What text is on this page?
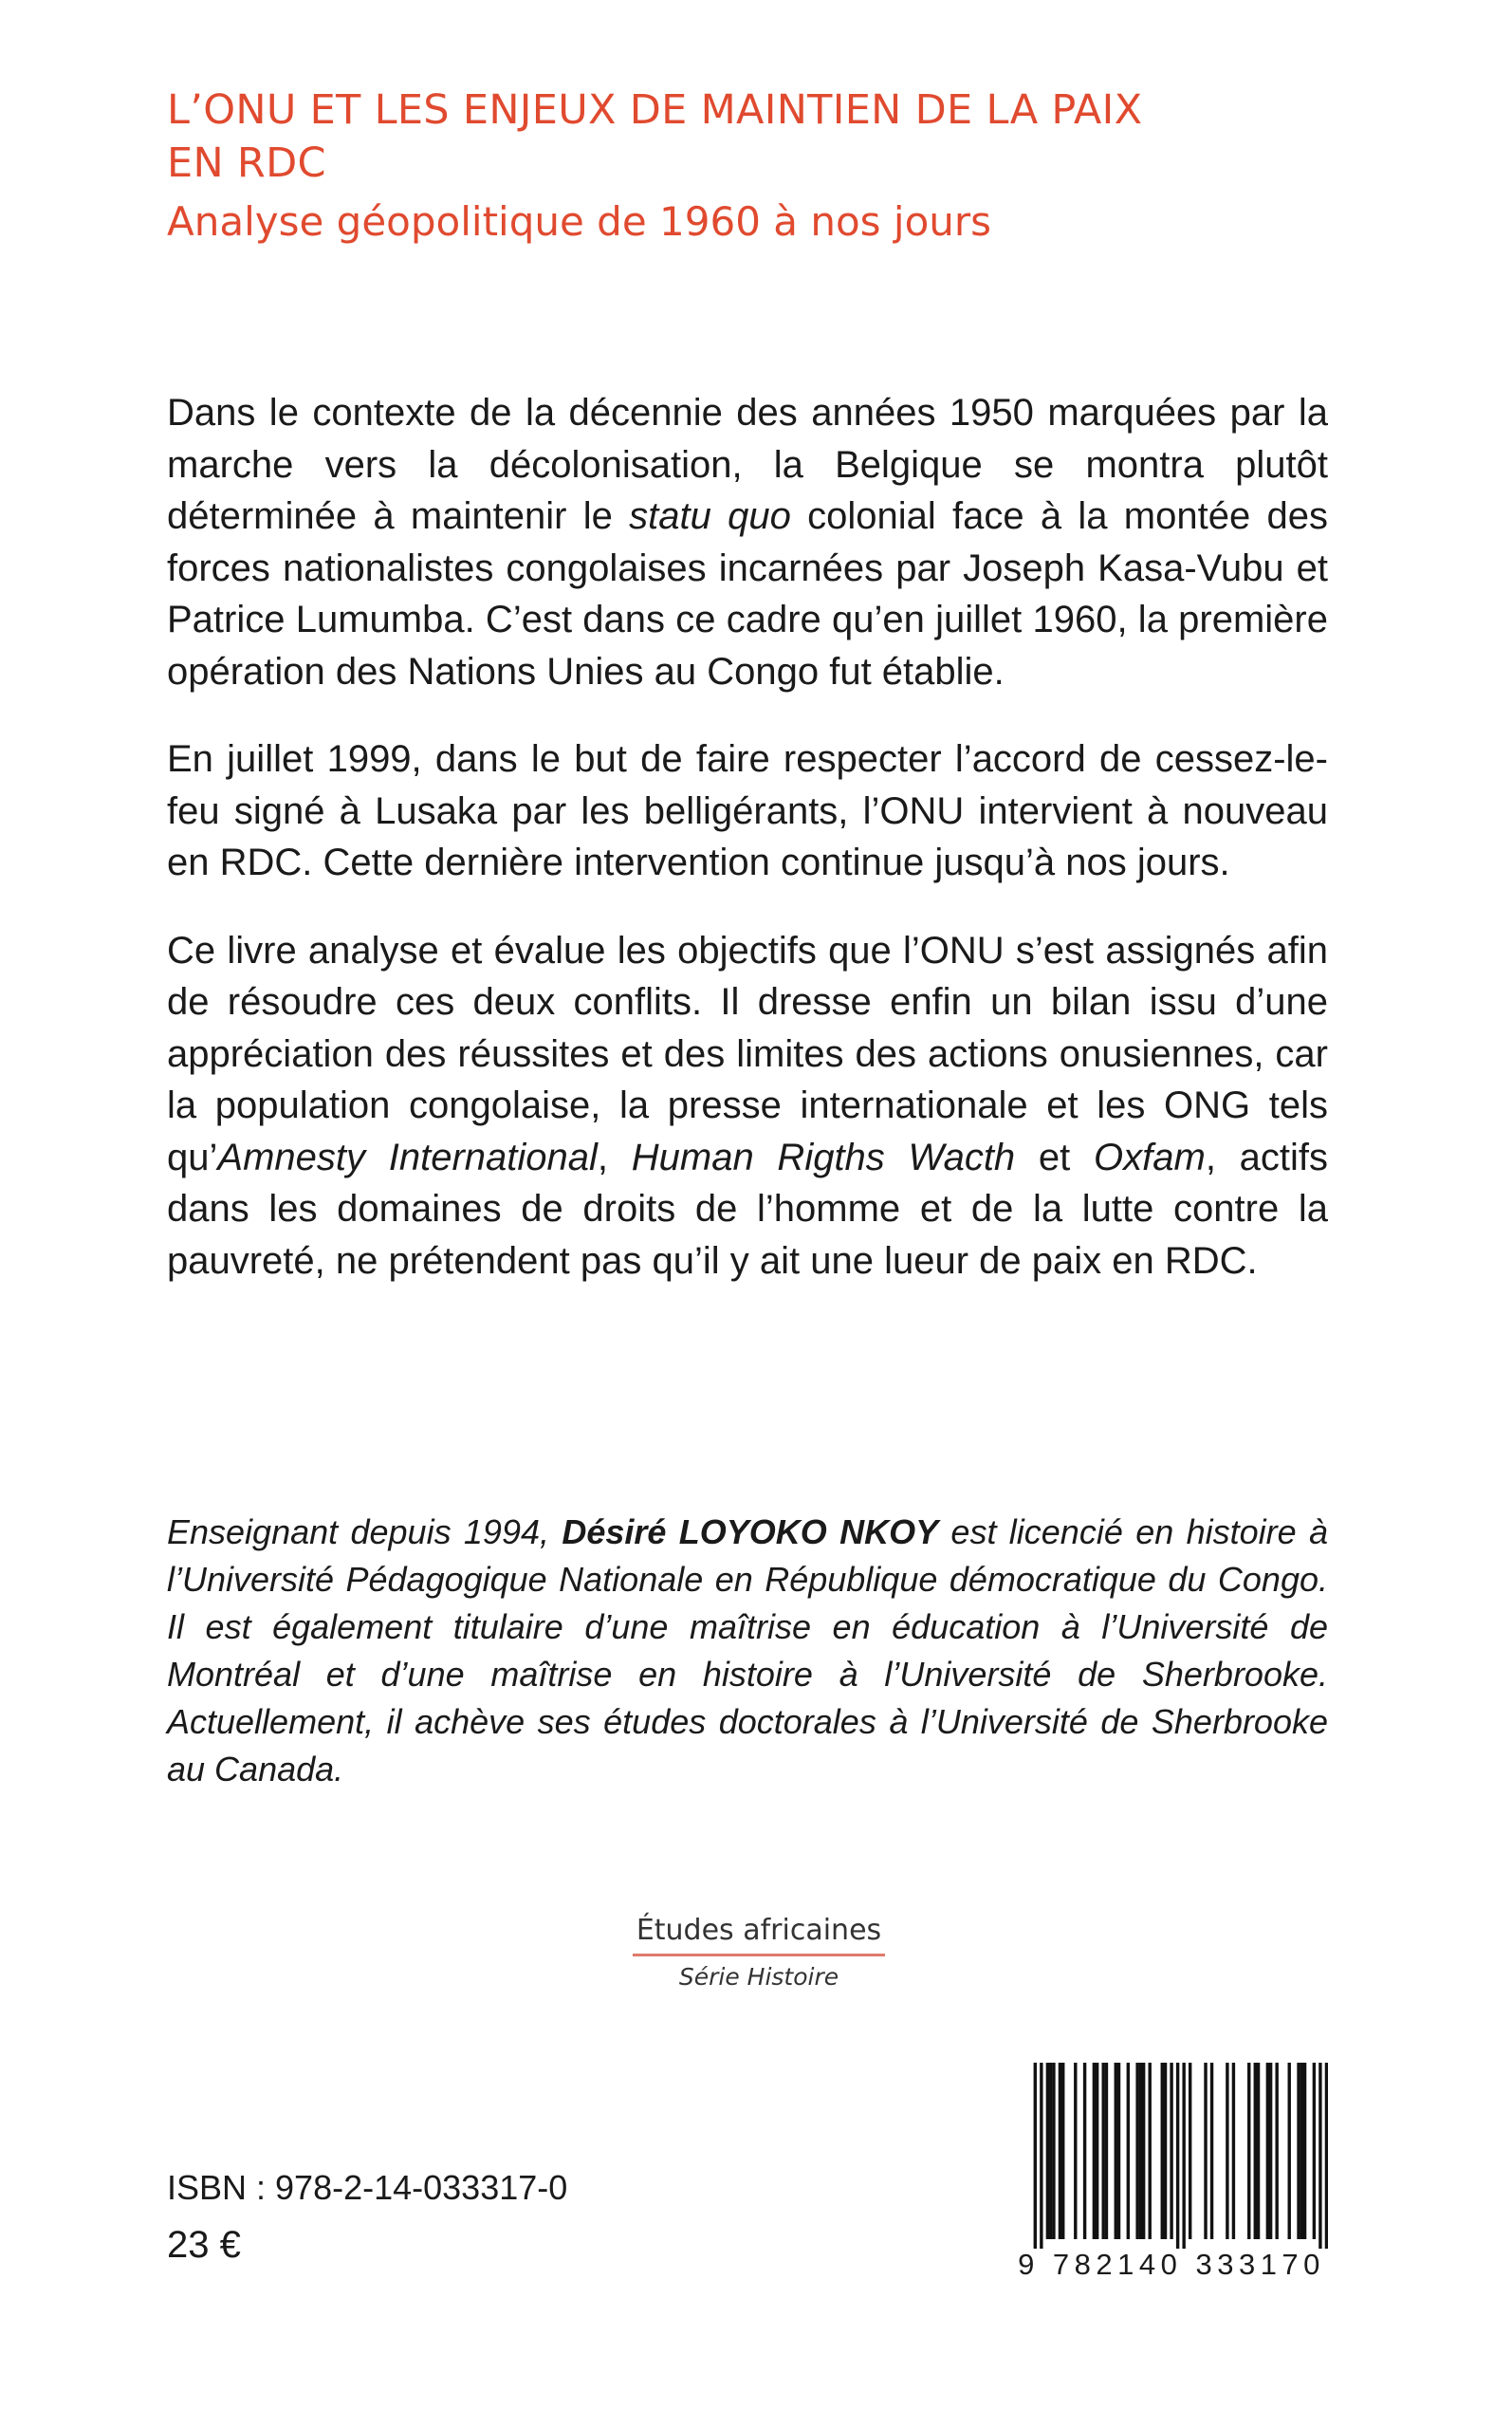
L’ONU ET LES ENJEUX DE MAINTIEN DE LA PAIX
EN RDC
Analyse géopolitique de 1960 à nos jours

Dans le contexte de la décennie des années 1950 marquées par la marche vers la décolonisation, la Belgique se montra plutôt déterminée à maintenir le statu quo colonial face à la montée des forces nationalistes congolaises incarnées par Joseph Kasa-Vubu et Patrice Lumumba. C’est dans ce cadre qu’en juillet 1960, la première opération des Nations Unies au Congo fut établie.

En juillet 1999, dans le but de faire respecter l’accord de cessez-le-feu signé à Lusaka par les belligérants, l’ONU intervient à nouveau en RDC. Cette dernière intervention continue jusqu’à nos jours.

Ce livre analyse et évalue les objectifs que l’ONU s’est assignés afin de résoudre ces deux conflits. Il dresse enfin un bilan issu d’une appréciation des réussites et des limites des actions onusiennes, car la population congolaise, la presse internationale et les ONG tels qu’Amnesty International, Human Rigths Wacth et Oxfam, actifs dans les domaines de droits de l’homme et de la lutte contre la pauvreté, ne prétendent pas qu’il y ait une lueur de paix en RDC.

Enseignant depuis 1994, Désiré LOYOKO NKOY est licencié en histoire à l’Université Pédagogique Nationale en République démocratique du Congo. Il est également titulaire d’une maîtrise en éducation à l’Université de Montréal et d’une maîtrise en histoire à l’Université de Sherbrooke. Actuellement, il achève ses études doctorales à l’Université de Sherbrooke au Canada.

Études africaines
Série Histoire
ISBN : 978-2-14-033317-0
23 €	9 782140 333170
